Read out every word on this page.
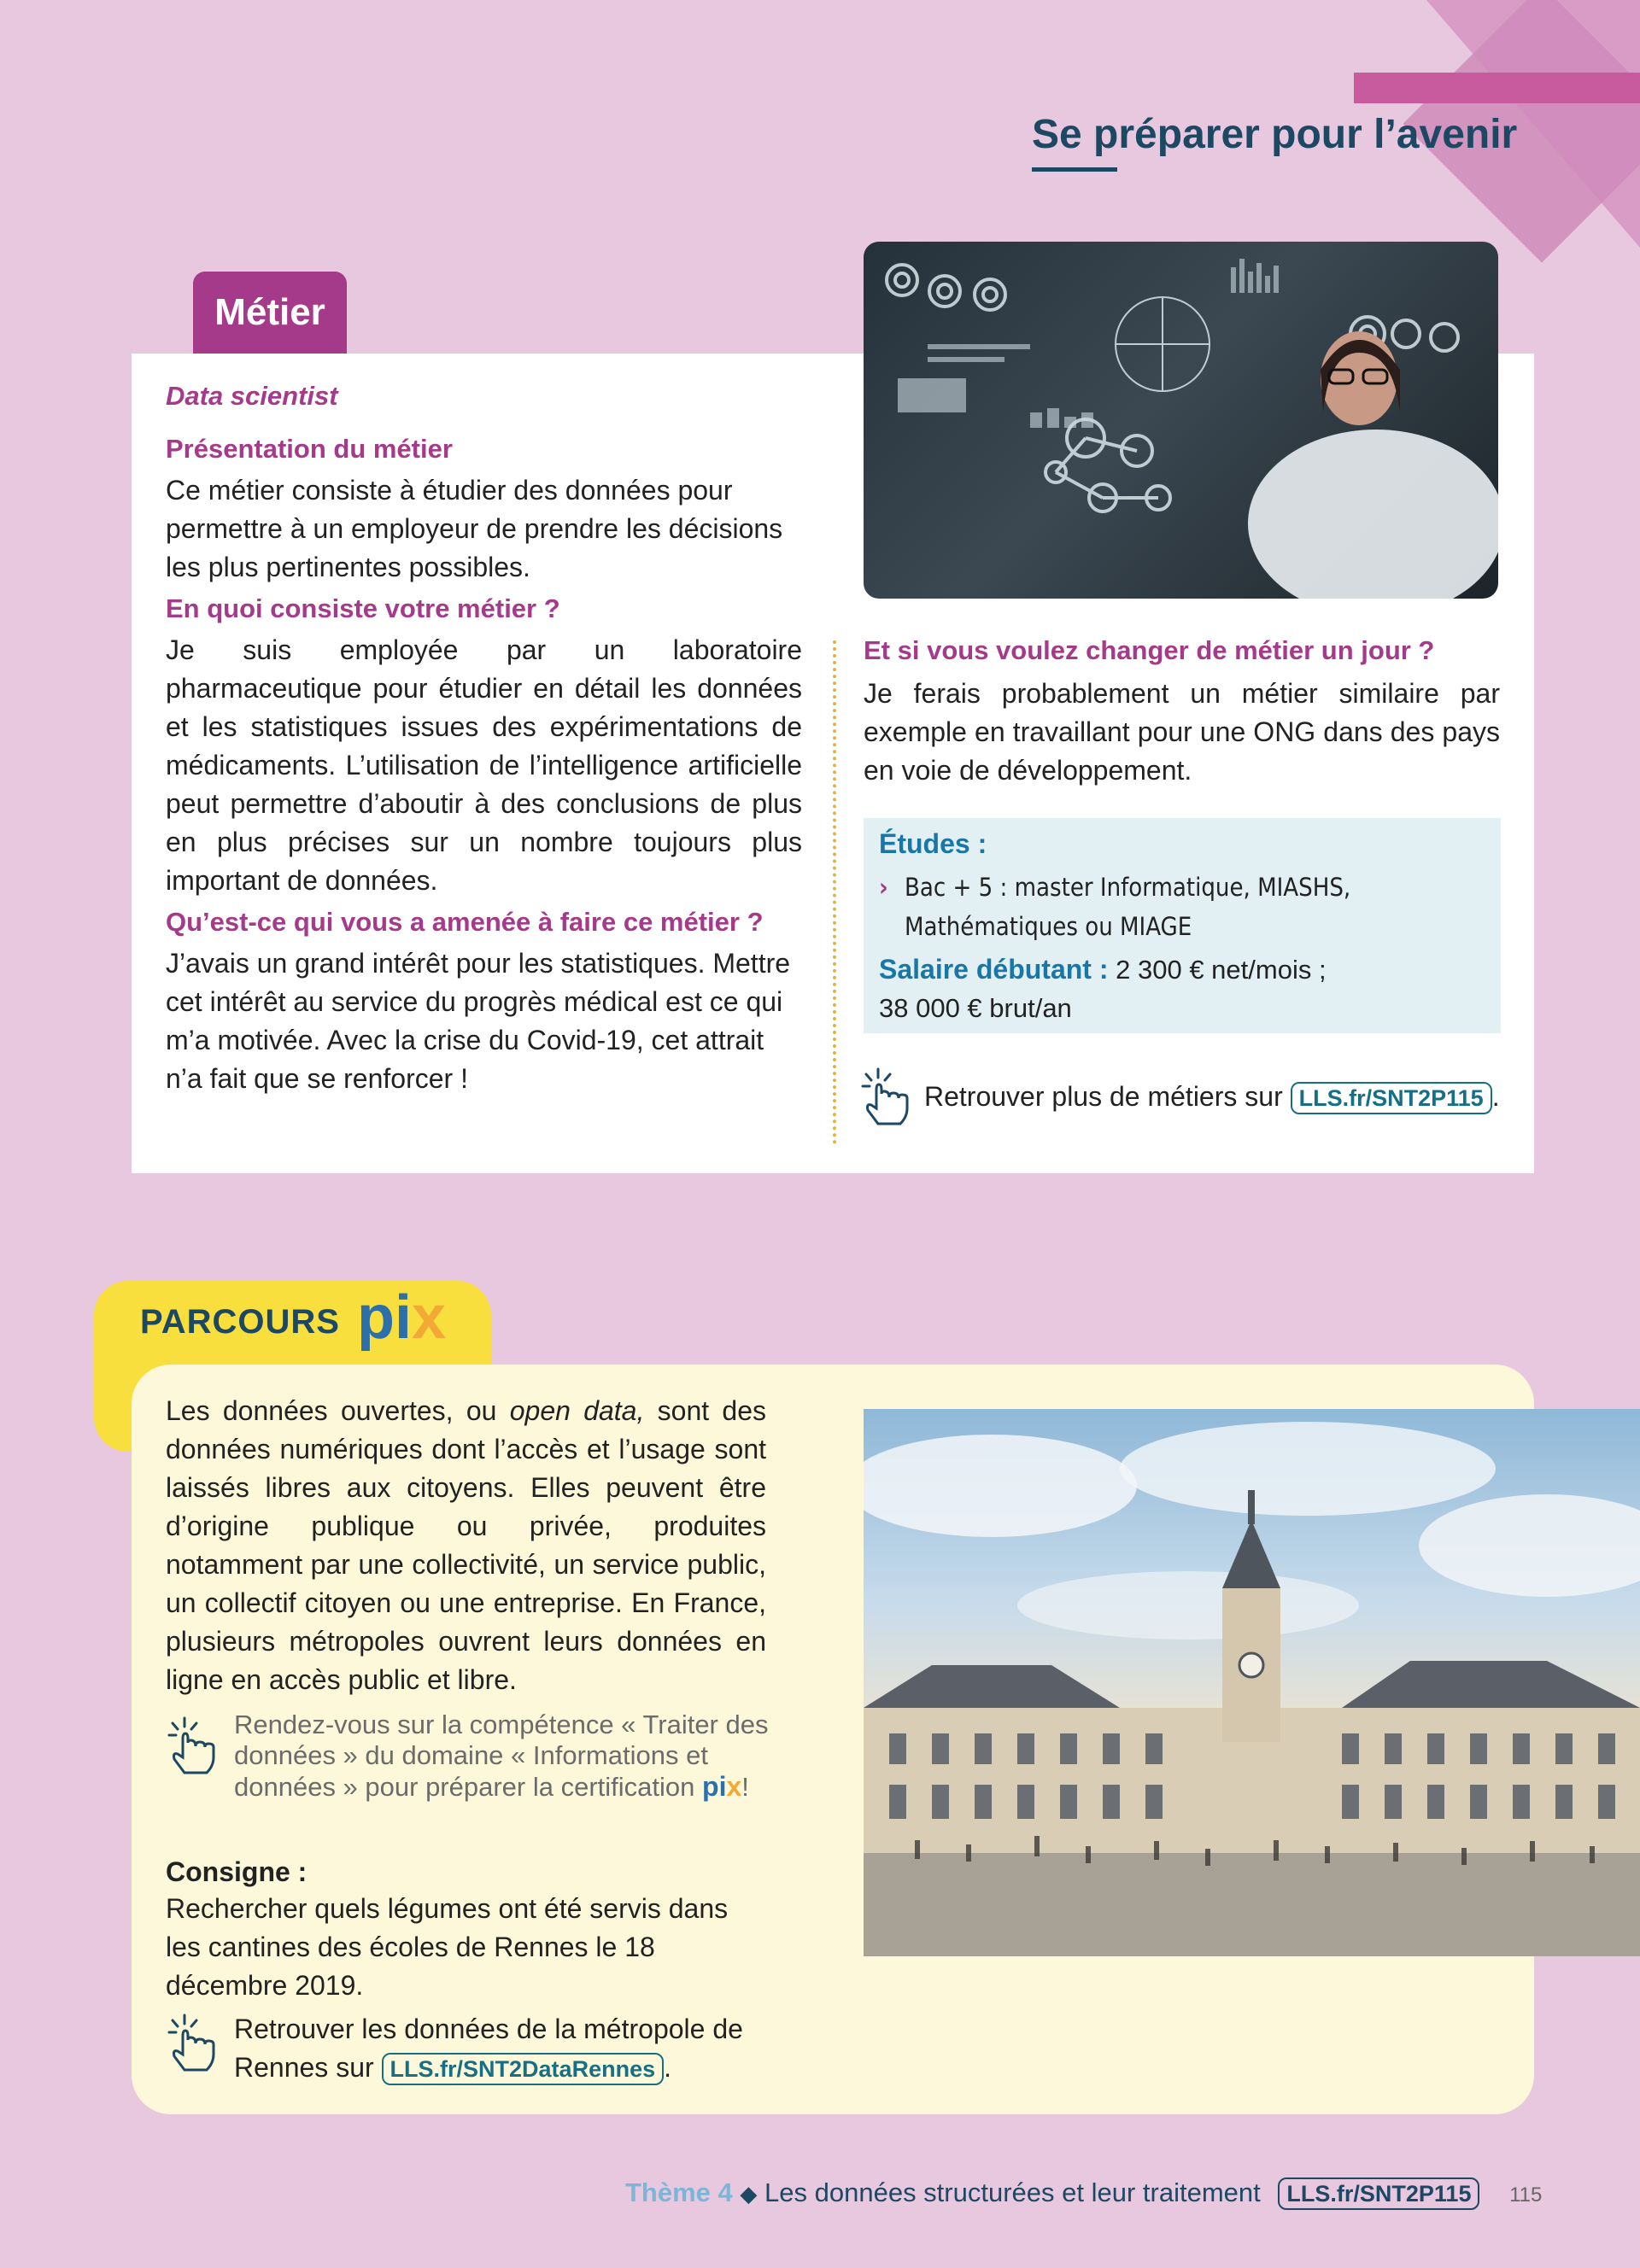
Se préparer pour l’avenir
Métier
Data scientist
Présentation du métier
Ce métier consiste à étudier des données pour permettre à un employeur de prendre les décisions les plus pertinentes possibles.
En quoi consiste votre métier ?
Je suis employée par un laboratoire pharmaceutique pour étudier en détail les données et les statistiques issues des expérimentations de médicaments. L’utilisation de l’intelligence artificielle peut permettre d’aboutir à des conclusions de plus en plus précises sur un nombre toujours plus important de données.
Qu’est-ce qui vous a amenée à faire ce métier ?
J’avais un grand intérêt pour les statistiques. Mettre cet intérêt au service du progrès médical est ce qui m’a motivée. Avec la crise du Covid-19, cet attrait n’a fait que se renforcer !
Et si vous voulez changer de métier un jour ?
Je ferais probablement un métier similaire par exemple en travaillant pour une ONG dans des pays en voie de développement.
Études :
› Bac + 5 : master Informatique, MIASHS, Mathématiques ou MIAGE
Salaire débutant : 2 300 € net/mois ;
38 000 € brut/an
Retrouver plus de métiers sur LLS.fr/SNT2P115 .
PARCOURS pix
Les données ouvertes, ou open data, sont des données numériques dont l’accès et l’usage sont laissés libres aux citoyens. Elles peuvent être d’origine publique ou privée, produites notamment par une collectivité, un service public, un collectif citoyen ou une entreprise. En France, plusieurs métropoles ouvrent leurs données en ligne en accès public et libre.
Rendez-vous sur la compétence « Traiter des données » du domaine « Informations et données » pour préparer la certification pix!
Consigne :
Rechercher quels légumes ont été servis dans les cantines des écoles de Rennes le 18 décembre 2019.
Retrouver les données de la métropole de Rennes sur LLS.fr/SNT2DataRennes .
Thème 4 ◆ Les données structurées et leur traitement LLS.fr/SNT2P115 115
